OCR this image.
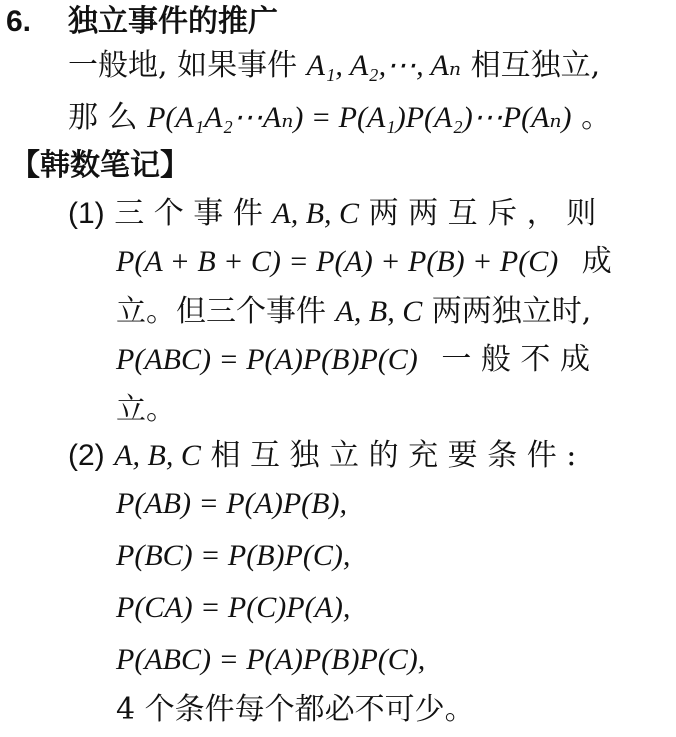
6. 独立事件的推广
一般地, 如果事件 A₁, A₂,⋯, Aₙ 相互独立,
那 么 P(A₁A₂⋯Aₙ) = P(A₁)P(A₂)⋯P(Aₙ) 。
【韩数笔记】
(1) 三 个 事 件 A, B, C 两 两 互 斥 ， 则
P(A + B + C) = P(A) + P(B) + P(C) 成
立。但三个事件 A, B, C 两两独立时,
P(ABC) = P(A)P(B)P(C) 一 般 不 成
立。
(2) A, B, C 相 互 独 立 的 充 要 条 件 :
P(AB) = P(A)P(B),
P(BC) = P(B)P(C),
P(CA) = P(C)P(A),
P(ABC) = P(A)P(B)P(C),
4 个条件每个都必不可少。
